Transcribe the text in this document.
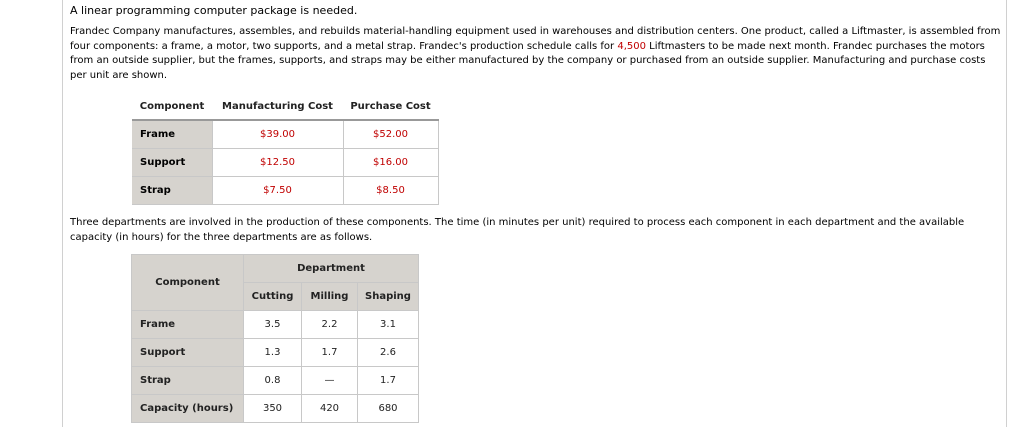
A linear programming computer package is needed.
Frandec Company manufactures, assembles, and rebuilds material-handling equipment used in warehouses and distribution centers. One product, called a Liftmaster, is assembled from four components: a frame, a motor, two supports, and a metal strap. Frandec's production schedule calls for 4,500 Liftmasters to be made next month. Frandec purchases the motors from an outside supplier, but the frames, supports, and straps may be either manufactured by the company or purchased from an outside supplier. Manufacturing and purchase costs per unit are shown.
Component	Manufacturing Cost	Purchase Cost
Frame	$39.00	$52.00
Support	$12.50	$16.00
Strap	$7.50	$8.50
Three departments are involved in the production of these components. The time (in minutes per unit) required to process each component in each department and the available capacity (in hours) for the three departments are as follows.
Component	Department		
	Cutting	Milling	Shaping
Frame	3.5	2.2	3.1
Support	1.3	1.7	2.6
Strap	0.8	—	1.7
Capacity (hours)	350	420	680
